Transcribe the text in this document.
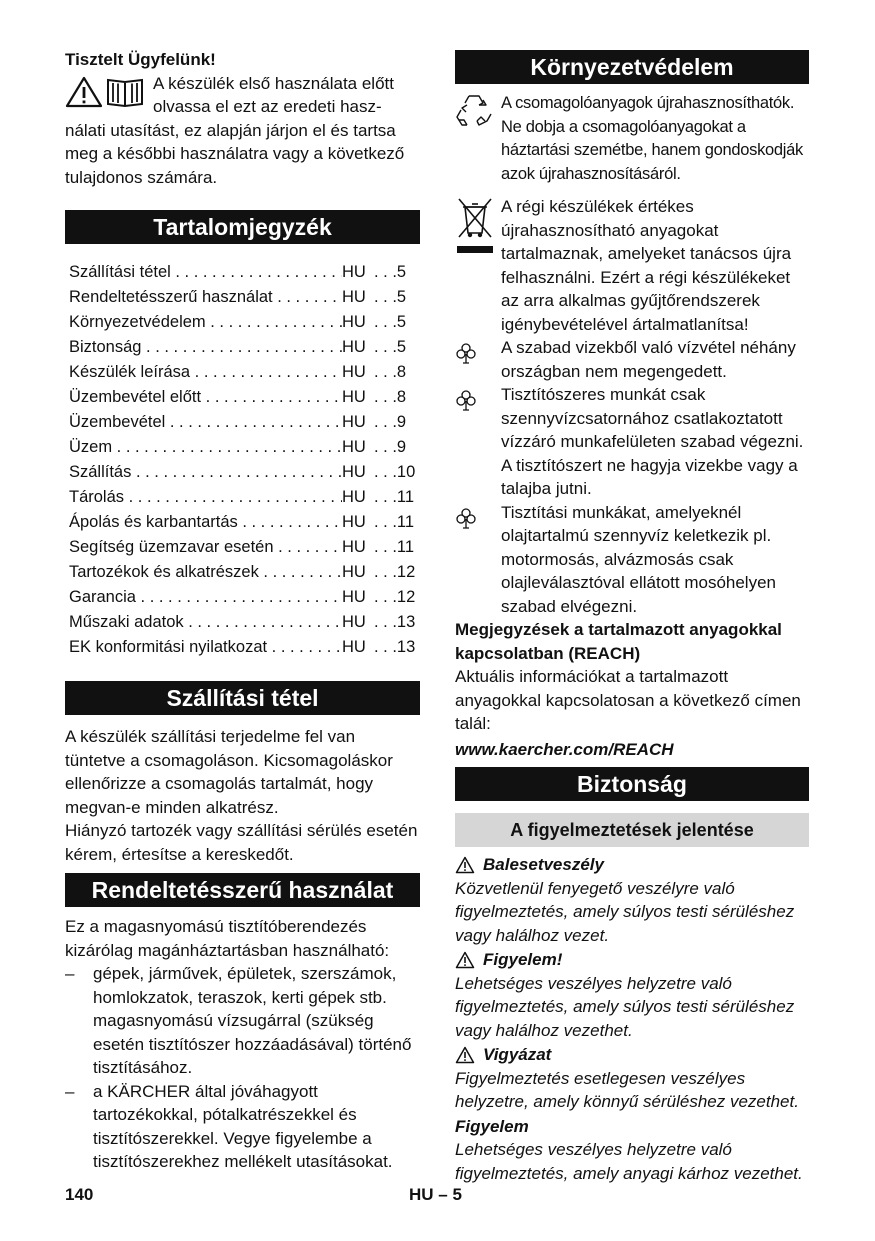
Tisztelt Ügyfelünk!

A készülék első használata előtt

olvassa el ezt az eredeti hasz-

nálati utasítást, ez alapján járjon el és tartsa meg a későbbi használatra vagy a következő tulajdonos számára.

Tartalomjegyzék
Szállítási tétel . . .	HU . . .5
Rendeltetésszerű használat . . .	HU . . .5
Környezetvédelem . . .	HU . . .5
Biztonság . . .	HU . . .5
Készülék leírása . . .	HU . . .8
Üzembevétel előtt . . .	HU . . .8
Üzembevétel . . .	HU . . .9
Üzem . . .	HU . . .9
Szállítás . . .	HU . . .10
Tárolás . . .	HU . . .11
Ápolás és karbantartás . . .	HU . . .11
Segítség üzemzavar esetén . . .	HU . . .11
Tartozékok és alkatrészek . . .	HU . . .12
Garancia . . .	HU . . .12
Műszaki adatok . . .	HU . . .13
EK konformitási nyilatkozat . . .	HU . . .13
Szállítási tétel

A készülék szállítási terjedelme fel van tüntetve a csomagoláson. Kicsomagoláskor ellenőrizze a csomagolás tartalmát, hogy megvan-e minden alkatrész.

Hiányzó tartozék vagy szállítási sérülés esetén kérem, értesítse a kereskedőt.

Rendeltetésszerű használat

Ez a magasnyomású tisztítóberendezés kizárólag magánháztartásban használható:

– gépek, járművek, épületek, szerszámok, homlokzatok, teraszok, kerti gépek stb. magasnyomású vízsugárral (szükség esetén tisztítószer hozzáadásával) történő tisztításához.
– a KÄRCHER által jóváhagyott tartozékokkal, pótalkatrészekkel és tisztítószerekkel. Vegye figyelembe a tisztítószerekhez mellékelt utasításokat.
Környezetvédelem

A csomagolóanyagok újrahasznosíthatók. Ne dobja a csomagolóanyagokat a háztartási szemétbe, hanem gondoskodják azok újrahasznosításáról.

A régi készülékek értékes újrahasznosítható anyagokat tartalmaznak, amelyeket tanácsos újra felhasználni. Ezért a régi készülékeket az arra alkalmas gyűjtőrendszerek igénybevételével ártalmatlanítsa!

A szabad vizekből való vízvétel néhány országban nem megengedett.

Tisztítószeres munkát csak szennyvízcsatornához csatlakoztatott vízzáró munkafelületen szabad végezni. A tisztítószert ne hagyja vizekbe vagy a talajba jutni.

Tisztítási munkákat, amelyeknél olajtartalmú szennyvíz keletkezik pl. motormosás, alvázmosás csak olajleválasztóval ellátott mosóhelyen szabad elvégezni.

Megjegyzések a tartalmazott anyagokkal kapcsolatban (REACH)

Aktuális információkat a tartalmazott anyagokkal kapcsolatosan a következő címen talál:

www.kaercher.com/REACH

Biztonság
A figyelmeztetések jelentése
Balesetveszély

Közvetlenül fenyegető veszélyre való figyelmeztetés, amely súlyos testi sérüléshez vagy halálhoz vezet.

Figyelem!

Lehetséges veszélyes helyzetre való figyelmeztetés, amely súlyos testi sérüléshez vagy halálhoz vezethet.

Vigyázat

Figyelmeztetés esetlegesen veszélyes helyzetre, amely könnyű sérüléshez vezethet.

Figyelem

Lehetséges veszélyes helyzetre való figyelmeztetés, amely anyagi kárhoz vezethet.

140	HU – 5
